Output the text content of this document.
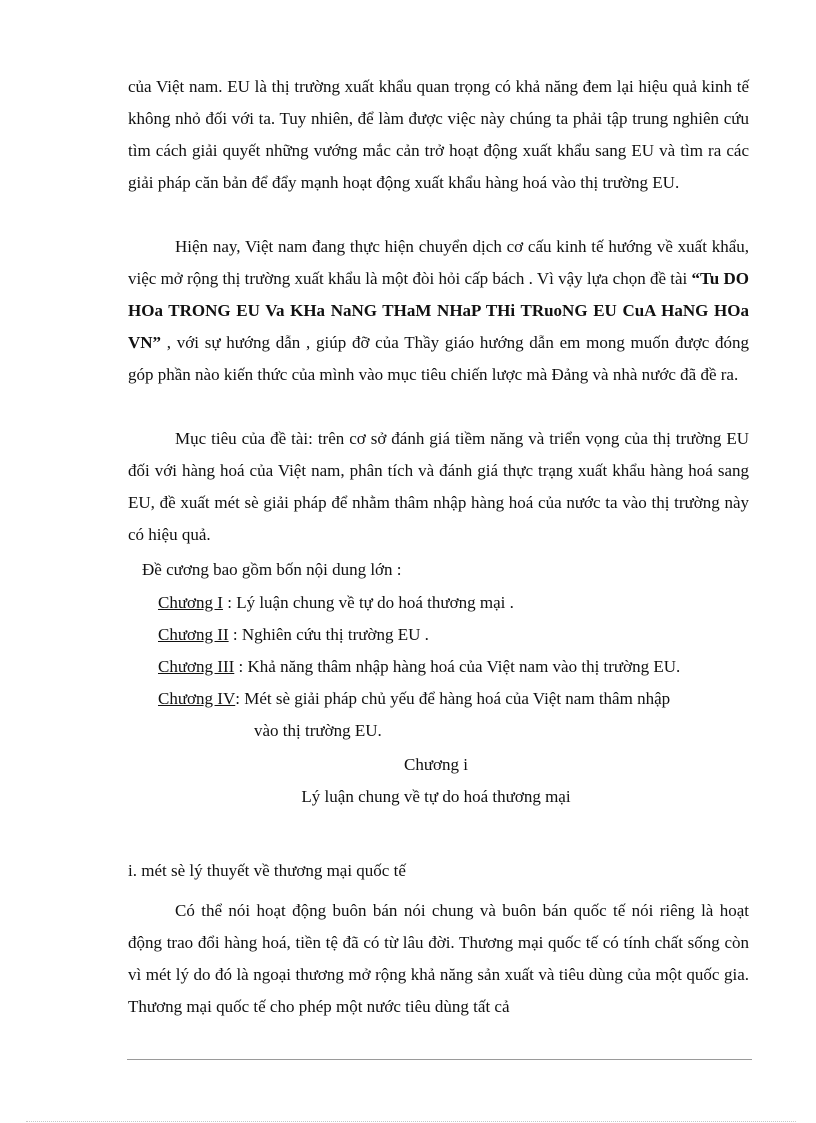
của Việt nam. EU là thị trường xuất khẩu quan trọng có khả năng đem lại hiệu quả kinh tế không nhỏ đối với ta. Tuy nhiên, để làm được việc này chúng ta phải tập trung nghiên cứu tìm cách giải quyết những vướng mắc cản trở hoạt động xuất khẩu sang EU và tìm ra các giải pháp căn bản để đẩy mạnh hoạt động xuất khẩu hàng hoá vào thị trường EU.

Hiện nay, Việt nam đang thực hiện chuyển dịch cơ cấu kinh tế hướng về xuất khẩu, việc mở rộng thị trường xuất khẩu là một đòi hỏi cấp bách . Vì vậy lựa chọn đề tài “Tu DO HOa TRONG EU Va KHa NaNG THaM NHaP THi TRuoNG EU CuA HaNG HOa VN” , với sự hướng dẫn , giúp đỡ của Thầy giáo hướng dẫn em mong muốn được đóng góp phần nào kiến thức của mình vào mục tiêu chiến lược mà Đảng và nhà nước đã đề ra.

Mục tiêu của đề tài: trên cơ sở đánh giá tiềm năng và triển vọng của thị trường EU đối với hàng hoá của Việt nam, phân tích và đánh giá thực trạng xuất khẩu hàng hoá sang EU, đề xuất mét sè giải pháp để nhằm thâm nhập hàng hoá của nước ta vào thị trường này có hiệu quả.

Đề cương bao gồm bốn nội dung lớn :
Chương I : Lý luận chung về tự do hoá thương mại .
Chương II : Nghiên cứu thị trường EU .
Chương III : Khả năng thâm nhập hàng hoá của Việt nam vào thị trường EU.
Chương IV : Mét sè giải pháp chủ yếu để hàng hoá của Việt nam thâm nhập
vào thị trường EU.
Chương i
Lý luận chung về tự do hoá thương mại
i. mét sè lý thuyết về thương mại quốc tế

Có thể nói hoạt động buôn bán nói chung và buôn bán quốc tế nói riêng là hoạt động trao đổi hàng hoá, tiền tệ đã có từ lâu đời. Thương mại quốc tế có tính chất sống còn vì mét lý do đó là ngoại thương mở rộng khả năng sản xuất và tiêu dùng của một quốc gia. Thương mại quốc tế cho phép một nước tiêu dùng tất cả
